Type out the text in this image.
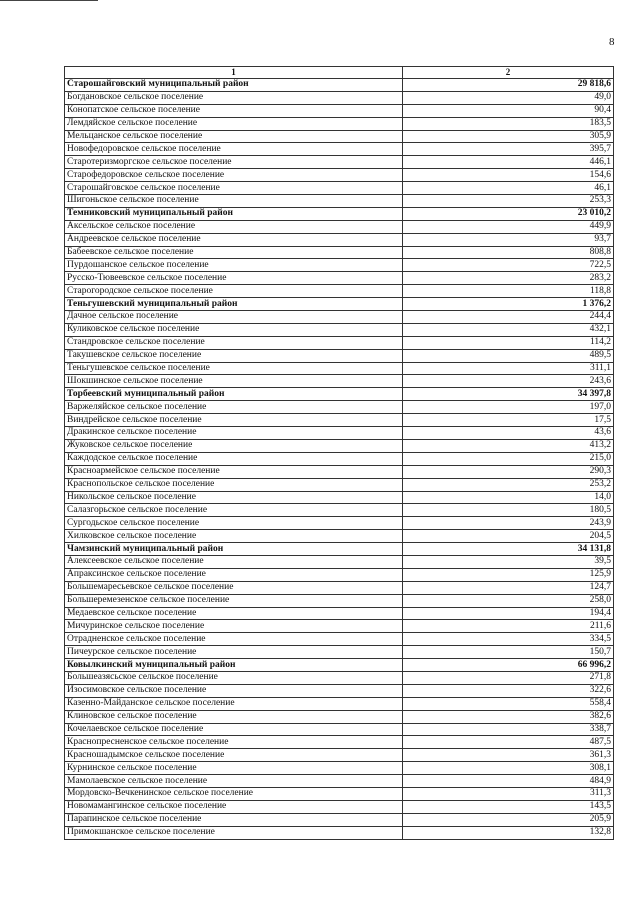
8
1	2
Старошайговский муниципальный район	29 818,6
Богдановское сельское поселение	49,0
Конопатское сельское поселение	90,4
Лемдяйское сельское поселение	183,5
Мельцанское сельское поселение	305,9
Новофедоровское сельское поселение	395,7
Старотеризморгское сельское поселение	446,1
Старофедоровское сельское поселение	154,6
Старошайговское сельское поселение	46,1
Шигоньское сельское поселение	253,3
Темниковский муниципальный район	23 010,2
Аксельское сельское поселение	449,9
Андреевское сельское поселение	93,7
Бабеевское сельское поселение	808,8
Пурдошанское сельское поселение	722,5
Русско-Тювеевское сельское поселение	283,2
Старогородское сельское поселение	118,8
Теньгушевский муниципальный район	1 376,2
Дачное сельское поселение	244,4
Куликовское сельское поселение	432,1
Стандровское сельское поселение	114,2
Такушевское сельское поселение	489,5
Теньгушевское сельское поселение	311,1
Шокшинское сельское поселение	243,6
Торбеевский муниципальный район	34 397,8
Варжеляйское сельское поселение	197,0
Виндрейское сельское поселение	17,5
Дракинское сельское поселение	43,6
Жуковское сельское поселение	413,2
Каждодское сельское поселение	215,0
Красноармейское сельское поселение	290,3
Краснопольское сельское поселение	253,2
Никольское сельское поселение	14,0
Салазгорьское сельское поселение	180,5
Сургодьское сельское поселение	243,9
Хилковское сельское поселение	204,5
Чамзинский муниципальный район	34 131,8
Алексеевское сельское поселение	39,5
Апраксинское сельское поселение	125,9
Большемаресьевское сельское поселение	124,7
Большеремезенское сельское поселение	258,0
Медаевское сельское поселение	194,4
Мичуринское сельское поселение	211,6
Отрадненское сельское поселение	334,5
Пичеурское сельское поселение	150,7
Ковылкинский муниципальный район	66 996,2
Большеазясьское сельское поселение	271,8
Изосимовское сельское поселение	322,6
Казенно-Майданское сельское поселение	558,4
Клиновское сельское поселение	382,6
Кочелаевское сельское поселение	338,7
Краснопресненское сельское поселение	487,5
Красношадымское сельское поселение	361,3
Курнинское сельское поселение	308,1
Мамолаевское сельское поселение	484,9
Мордовско-Вечкенинское сельское поселение	311,3
Новомамангинское сельское поселение	143,5
Парапинское сельское поселение	205,9
Примокшанское сельское поселение	132,8
